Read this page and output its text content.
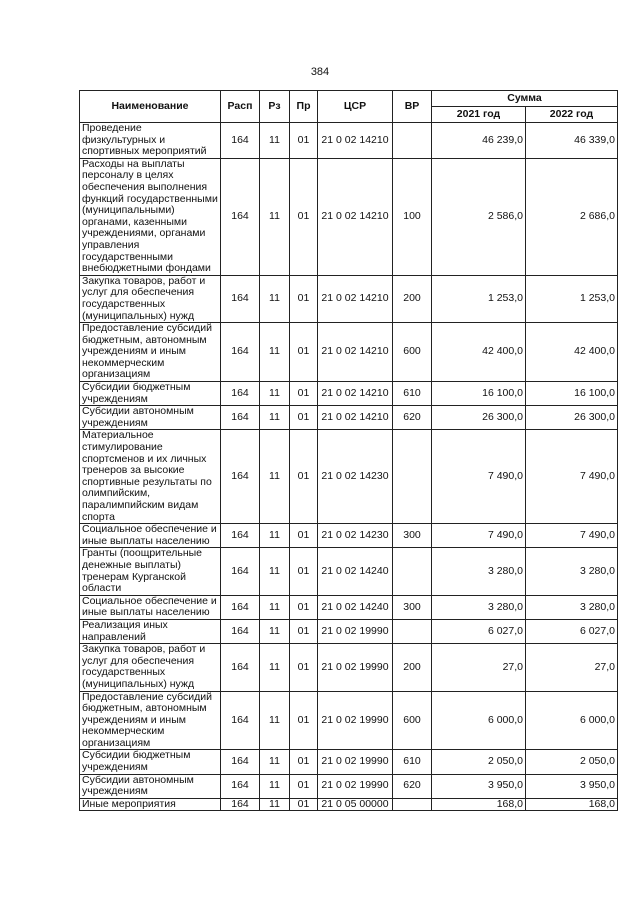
384
Наименование	Расп	Рз	Пр	ЦСР	ВР	Сумма	
						2021 год	2022 год
Проведение физкультурных и спортивных мероприятий	164	11	01	21 0 02 14210		46 239,0	46 339,0
Расходы на выплаты персоналу в целях обеспечения выполнения функций государственными (муниципальными) органами, казенными учреждениями, органами управления государственными внебюджетными фондами	164	11	01	21 0 02 14210	100	2 586,0	2 686,0
Закупка товаров, работ и услуг для обеспечения государственных (муниципальных) нужд	164	11	01	21 0 02 14210	200	1 253,0	1 253,0
Предоставление субсидий бюджетным, автономным учреждениям и иным некоммерческим организациям	164	11	01	21 0 02 14210	600	42 400,0	42 400,0
Субсидии бюджетным учреждениям	164	11	01	21 0 02 14210	610	16 100,0	16 100,0
Субсидии автономным учреждениям	164	11	01	21 0 02 14210	620	26 300,0	26 300,0
Материальное стимулирование спортсменов и их личных тренеров за высокие спортивные результаты по олимпийским, паралимпийским видам спорта	164	11	01	21 0 02 14230		7 490,0	7 490,0
Социальное обеспечение и иные выплаты населению	164	11	01	21 0 02 14230	300	7 490,0	7 490,0
Гранты (поощрительные денежные выплаты) тренерам Курганской области	164	11	01	21 0 02 14240		3 280,0	3 280,0
Социальное обеспечение и иные выплаты населению	164	11	01	21 0 02 14240	300	3 280,0	3 280,0
Реализация иных направлений	164	11	01	21 0 02 19990		6 027,0	6 027,0
Закупка товаров, работ и услуг для обеспечения государственных (муниципальных) нужд	164	11	01	21 0 02 19990	200	27,0	27,0
Предоставление субсидий бюджетным, автономным учреждениям и иным некоммерческим организациям	164	11	01	21 0 02 19990	600	6 000,0	6 000,0
Субсидии бюджетным учреждениям	164	11	01	21 0 02 19990	610	2 050,0	2 050,0
Субсидии автономным учреждениям	164	11	01	21 0 02 19990	620	3 950,0	3 950,0
Иные мероприятия	164	11	01	21 0 05 00000		168,0	168,0
